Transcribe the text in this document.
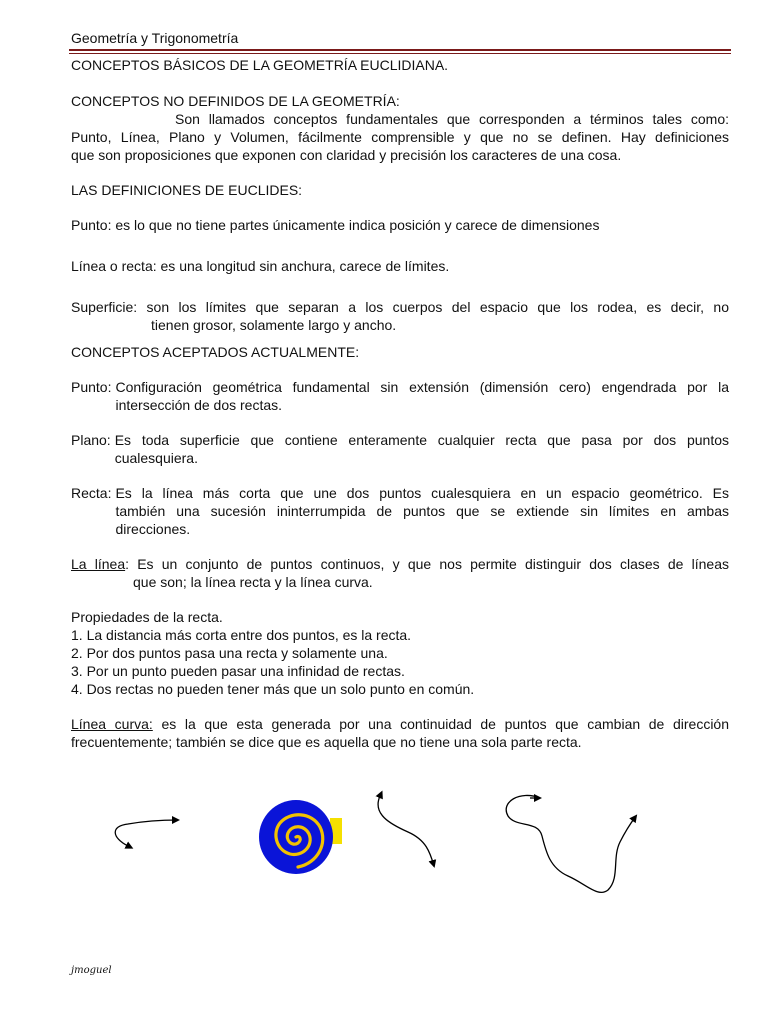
Geometría y Trigonometría

CONCEPTOS BÁSICOS DE LA GEOMETRÍA EUCLIDIANA.

CONCEPTOS NO DEFINIDOS DE LA GEOMETRÍA:

Son llamados conceptos fundamentales que corresponden a términos tales como:

Punto, Línea, Plano y Volumen, fácilmente comprensible y que no se definen. Hay definiciones

que son proposiciones que exponen con claridad y precisión los caracteres de una cosa.

LAS DEFINICIONES DE EUCLIDES:

Punto: es lo que no tiene partes únicamente indica posición y carece de dimensiones

Línea o recta: es una longitud sin anchura, carece de límites.

Superficie: son los límites que separan a los cuerpos del espacio que los rodea, es decir, no

tienen grosor, solamente largo y ancho.

CONCEPTOS ACEPTADOS ACTUALMENTE:

Punto: Configuración geométrica fundamental sin extensión (dimensión cero) engendrada por la

intersección de dos rectas.

Plano: Es toda superficie que contiene enteramente cualquier recta que pasa por dos puntos

cualesquiera.

Recta: Es la línea más corta que une dos puntos cualesquiera en un espacio geométrico. Es

también una sucesión ininterrumpida de puntos que se extiende sin límites en ambas

direcciones.

La línea: Es un conjunto de puntos continuos, y que nos permite distinguir dos clases de líneas

que son; la línea recta y la línea curva.

Propiedades de la recta.

1. La distancia más corta entre dos puntos, es la recta.

2. Por dos puntos pasa una recta y solamente una.

3. Por un punto pueden pasar una infinidad de rectas.

4. Dos rectas no pueden tener más que un solo punto en común.

Línea curva: es la que esta generada por una continuidad de puntos que cambian de dirección

frecuentemente; también se dice que es aquella que no tiene una sola parte recta.

jmoguel
